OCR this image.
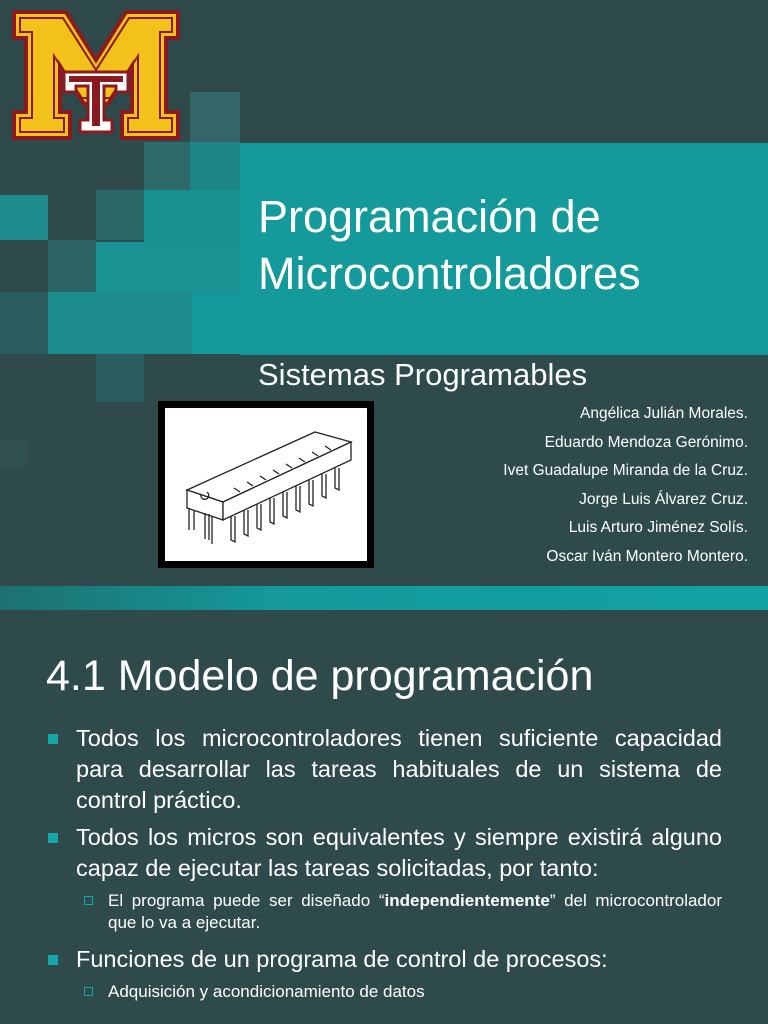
Programación de
Microcontroladores

Sistemas Programables

Angélica Julián Morales.
Eduardo Mendoza Gerónimo.
Ivet Guadalupe Miranda de la Cruz.
Jorge Luis Álvarez Cruz.
Luis Arturo Jiménez Solís.
Oscar Iván Montero Montero.
4.1 Modelo de programación
Todos los microcontroladores tienen suficiente capacidad para desarrollar las tareas habituales de un sistema de control práctico.
Todos los micros son equivalentes y siempre existirá alguno capaz de ejecutar las tareas solicitadas, por tanto:
El programa puede ser diseñado “independientemente” del microcontrolador que lo va a ejecutar.
Funciones de un programa de control de procesos:
Adquisición y acondicionamiento de datos
